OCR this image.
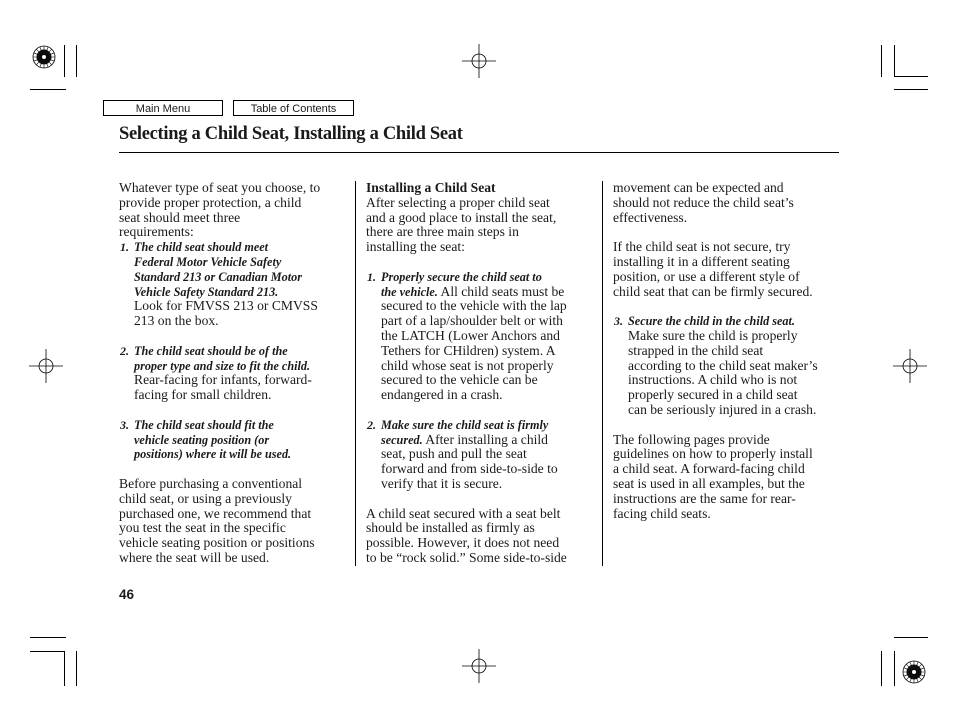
Main Menu	Table of Contents
Selecting a Child Seat, Installing a Child Seat
Whatever type of seat you choose, to
provide proper protection, a child
seat should meet three
requirements:
1. The child seat should meet
Federal Motor Vehicle Safety
Standard 213 or Canadian Motor
Vehicle Safety Standard 213.
Look for FMVSS 213 or CMVSS
213 on the box.
2. The child seat should be of the
proper type and size to fit the child.
Rear-facing for infants, forward-
facing for small children.
3. The child seat should fit the
vehicle seating position (or
positions) where it will be used.
Before purchasing a conventional
child seat, or using a previously
purchased one, we recommend that
you test the seat in the specific
vehicle seating position or positions
where the seat will be used.
Installing a Child Seat
After selecting a proper child seat
and a good place to install the seat,
there are three main steps in
installing the seat:
1. Properly secure the child seat to
the vehicle. All child seats must be
secured to the vehicle with the lap
part of a lap/shoulder belt or with
the LATCH (Lower Anchors and
Tethers for CHildren) system. A
child whose seat is not properly
secured to the vehicle can be
endangered in a crash.
2. Make sure the child seat is firmly
secured. After installing a child
seat, push and pull the seat
forward and from side-to-side to
verify that it is secure.
A child seat secured with a seat belt
should be installed as firmly as
possible. However, it does not need
to be “rock solid.” Some side-to-side
movement can be expected and
should not reduce the child seat’s
effectiveness.
If the child seat is not secure, try
installing it in a different seating
position, or use a different style of
child seat that can be firmly secured.
3. Secure the child in the child seat.
Make sure the child is properly
strapped in the child seat
according to the child seat maker’s
instructions. A child who is not
properly secured in a child seat
can be seriously injured in a crash.
The following pages provide
guidelines on how to properly install
a child seat. A forward-facing child
seat is used in all examples, but the
instructions are the same for rear-
facing child seats.
46
